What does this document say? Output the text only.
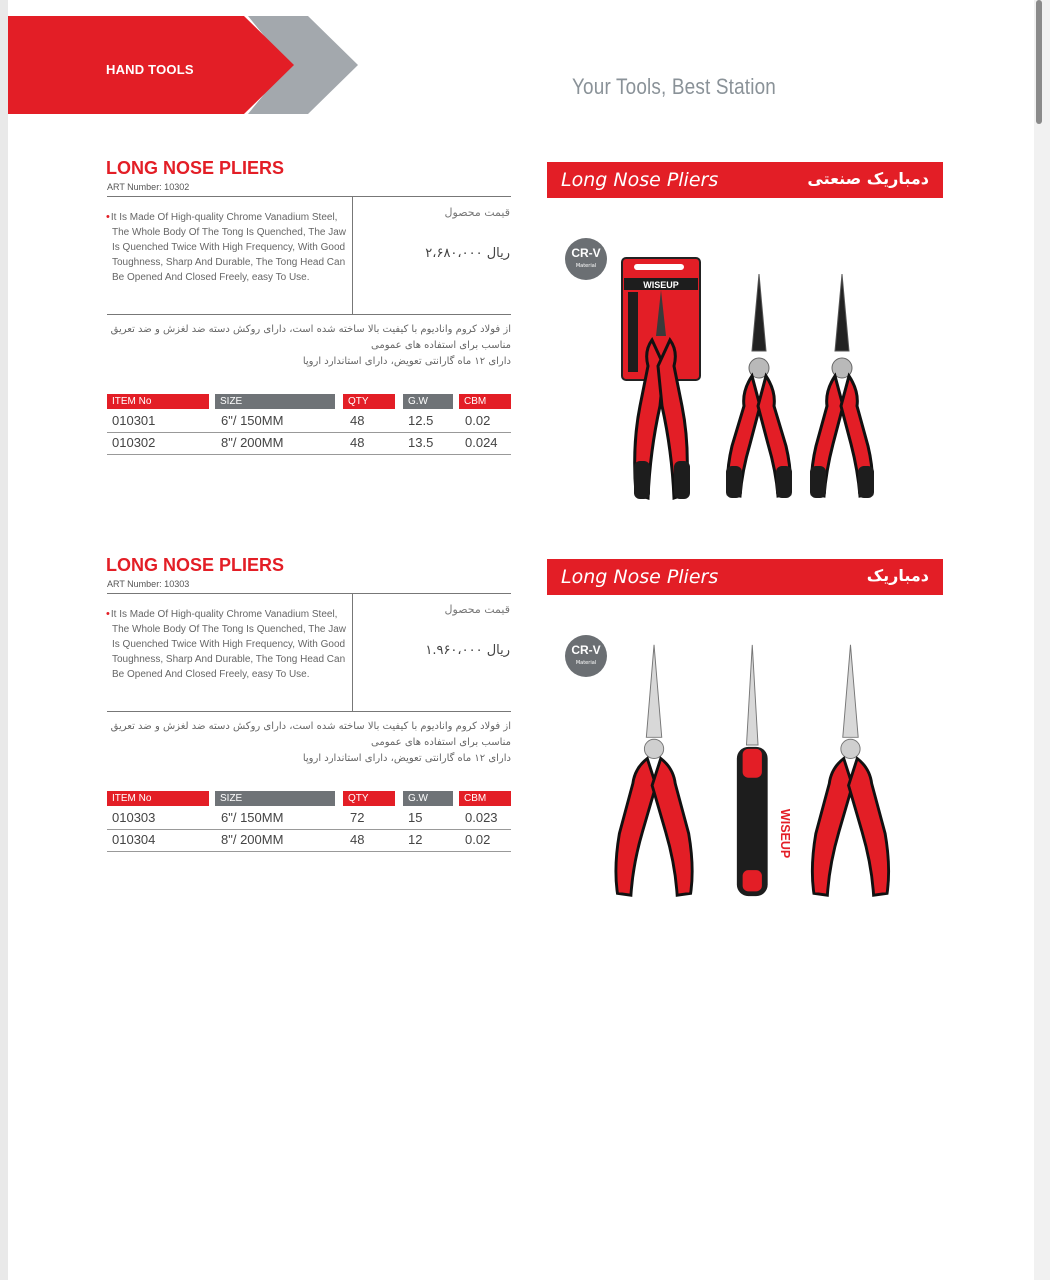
HAND TOOLS
Your Tools, Best Station
LONG NOSE PLIERS
ART Number: 10302
•It Is Made Of High-quality Chrome Vanadium Steel, The Whole Body Of The Tong Is Quenched, The Jaw Is Quenched Twice With High Frequency, With Good Toughness, Sharp And Durable, The Tong Head Can Be Opened And Closed Freely, easy To Use.
قیمت محصول
۲،۶۸۰،۰۰۰ ریال
از فولاد کروم وانادیوم با کیفیت بالا ساخته شده است، دارای روکش دسته ضد لغزش و ضد تعریق
مناسب برای استفاده های عمومی
دارای ۱۲ ماه گارانتی تعویض، دارای استاندارد اروپا
ITEM No	SIZE	QTY	G.W	CBM
010301	6"/ 150MM	48	12.5 0.02
010302	8"/ 200MM	48	13.5 0.024
Long Nose Pliers	دمباریک صنعتی
CR-V
Material
WISEUP
LONG NOSE PLIERS
ART Number: 10303
•It Is Made Of High-quality Chrome Vanadium Steel, The Whole Body Of The Tong Is Quenched, The Jaw Is Quenched Twice With High Frequency, With Good Toughness, Sharp And Durable, The Tong Head Can Be Opened And Closed Freely, easy To Use.
قیمت محصول
۱.۹۶۰،۰۰۰ ریال
از فولاد کروم وانادیوم با کیفیت بالا ساخته شده است، دارای روکش دسته ضد لغزش و ضد تعریق
مناسب برای استفاده های عمومی
دارای ۱۲ ماه گارانتی تعویض، دارای استاندارد اروپا
ITEM No	SIZE	QTY	G.W	CBM
010303	6"/ 150MM	72	15	0.023
010304	8"/ 200MM	48	12	0.02
Long Nose Pliers	دمباریک
CR-V
Material
WISEUP
